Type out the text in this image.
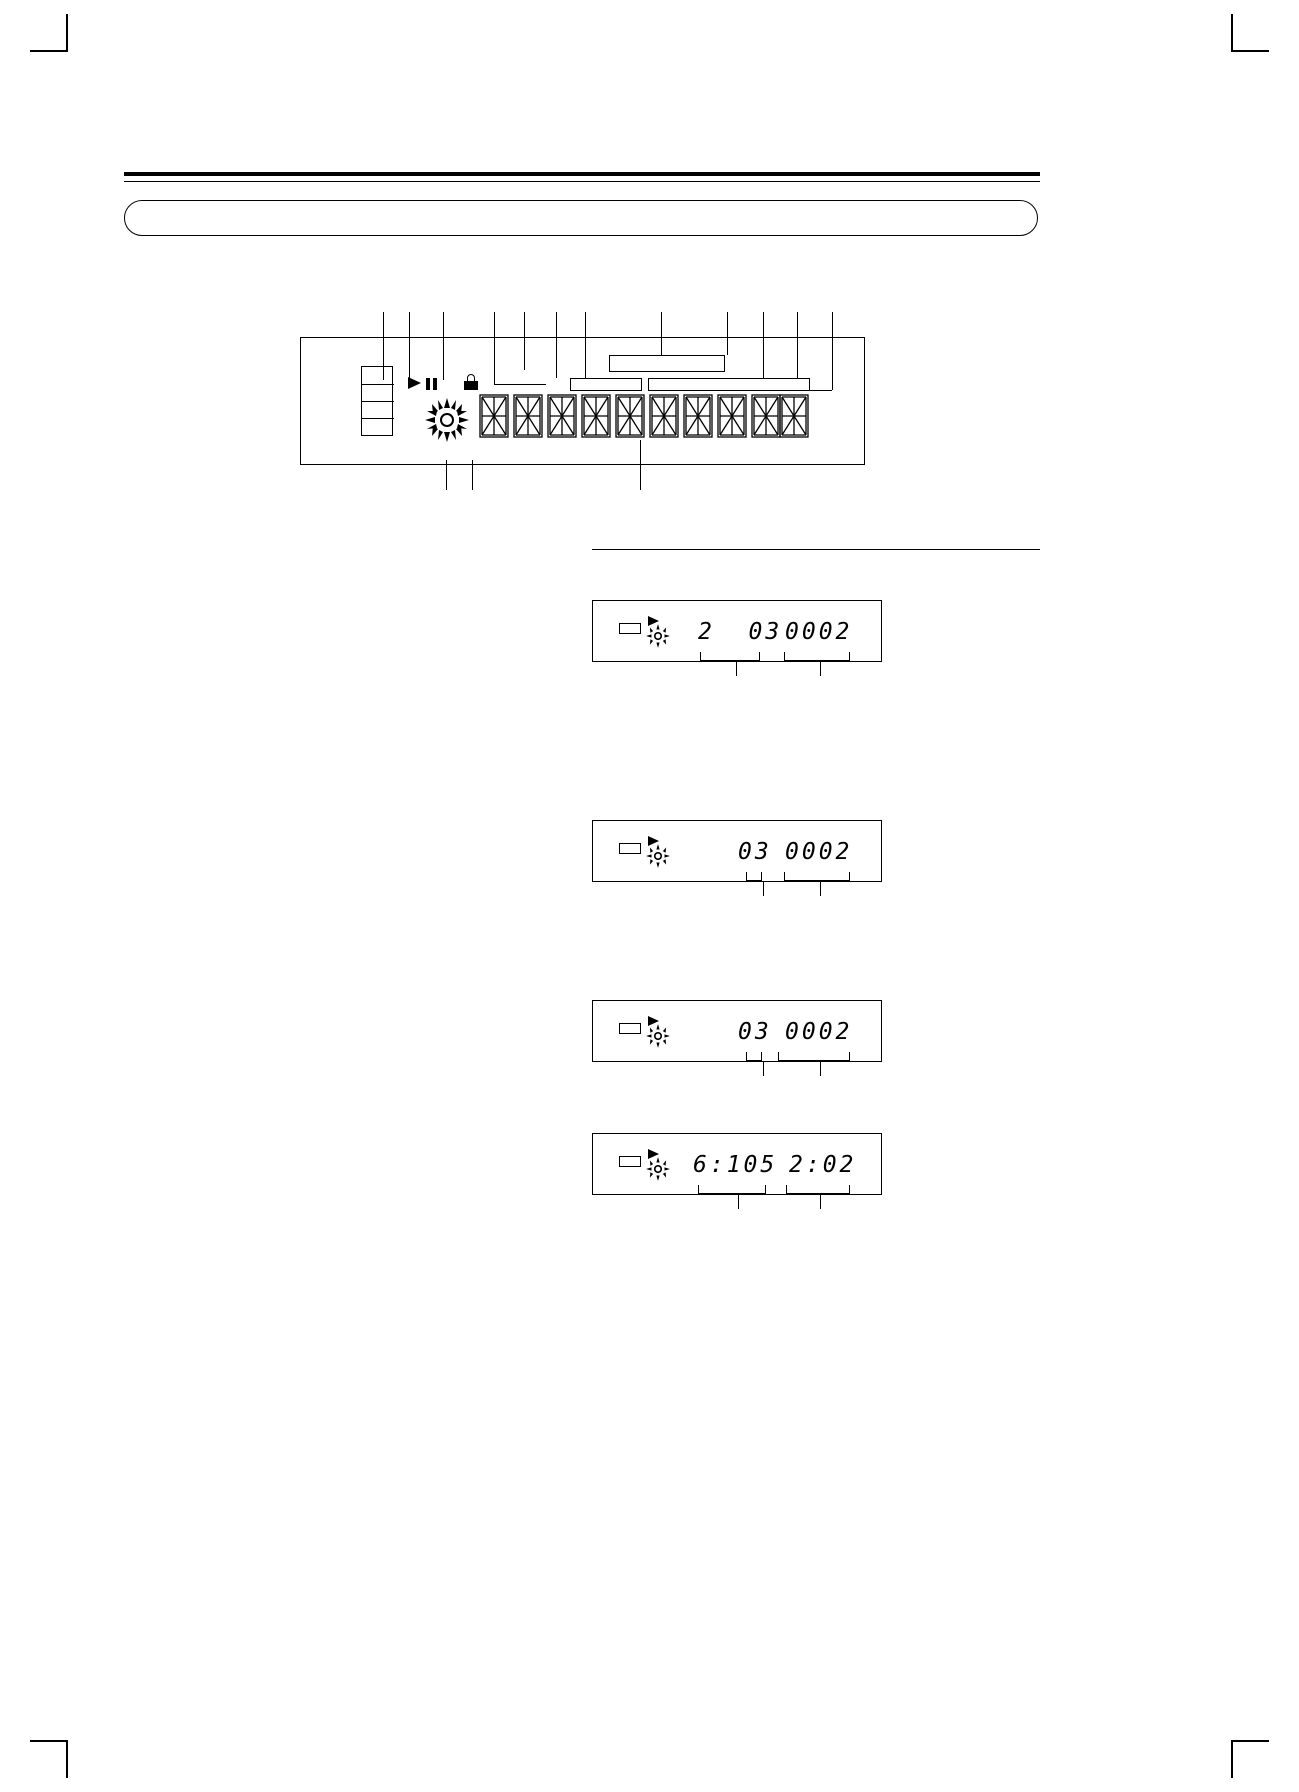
2  03 0002
03 0002
03 0002
6:105 2:02
